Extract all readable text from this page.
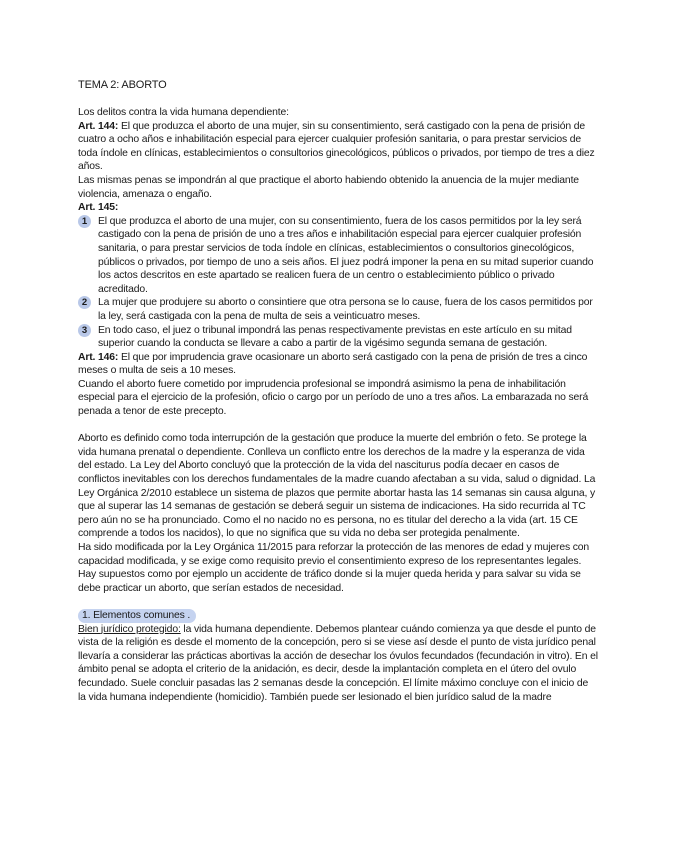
TEMA 2: ABORTO

Los delitos contra la vida humana dependiente:

Art. 144: El que produzca el aborto de una mujer, sin su consentimiento, será castigado con la pena de prisión de cuatro a ocho años e inhabilitación especial para ejercer cualquier profesión sanitaria, o para prestar servicios de toda índole en clínicas, establecimientos o consultorios ginecológicos, públicos o privados, por tiempo de tres a diez años.

Las mismas penas se impondrán al que practique el aborto habiendo obtenido la anuencia de la mujer mediante violencia, amenaza o engaño.

Art. 145:

1	El que produzca el aborto de una mujer, con su consentimiento, fuera de los casos permitidos por la ley será castigado con la pena de prisión de uno a tres años e inhabilitación especial para ejercer cualquier profesión sanitaria, o para prestar servicios de toda índole en clínicas, establecimientos o consultorios ginecológicos, públicos o privados, por tiempo de uno a seis años. El juez podrá imponer la pena en su mitad superior cuando los actos descritos en este apartado se realicen fuera de un centro o establecimiento público o privado acreditado.
2	La mujer que produjere su aborto o consintiere que otra persona se lo cause, fuera de los casos permitidos por la ley, será castigada con la pena de multa de seis a veinticuatro meses.
3	En todo caso, el juez o tribunal impondrá las penas respectivamente previstas en este artículo en su mitad superior cuando la conducta se llevare a cabo a partir de la vigésimo segunda semana de gestación.

Art. 146: El que por imprudencia grave ocasionare un aborto será castigado con la pena de prisión de tres a cinco meses o multa de seis a 10 meses.

Cuando el aborto fuere cometido por imprudencia profesional se impondrá asimismo la pena de inhabilitación especial para el ejercicio de la profesión, oficio o cargo por un período de uno a tres años. La embarazada no será penada a tenor de este precepto.

Aborto es definido como toda interrupción de la gestación que produce la muerte del embrión o feto. Se protege la vida humana prenatal o dependiente. Conlleva un conflicto entre los derechos de la madre y la esperanza de vida del estado. La Ley del Aborto concluyó que la protección de la vida del nasciturus podía decaer en casos de conflictos inevitables con los derechos fundamentales de la madre cuando afectaban a su vida, salud o dignidad. La Ley Orgánica 2/2010 establece un sistema de plazos que permite abortar hasta las 14 semanas sin causa alguna, y que al superar las 14 semanas de gestación se deberá seguir un sistema de indicaciones. Ha sido recurrida al TC pero aún no se ha pronunciado. Como el no nacido no es persona, no es titular del derecho a la vida (art. 15 CE comprende a todos los nacidos), lo que no significa que su vida no deba ser protegida penalmente.

Ha sido modificada por la Ley Orgánica 11/2015 para reforzar la protección de las menores de edad y mujeres con capacidad modificada, y se exige como requisito previo el consentimiento expreso de los representantes legales.

Hay supuestos como por ejemplo un accidente de tráfico donde si la mujer queda herida y para salvar su vida se debe practicar un aborto, que serían estados de necesidad.

1. Elementos comunes .

Bien jurídico protegido: la vida humana dependiente. Debemos plantear cuándo comienza ya que desde el punto de vista de la religión es desde el momento de la concepción, pero si se viese así desde el punto de vista jurídico penal llevaría a considerar las prácticas abortivas la acción de desechar los óvulos fecundados (fecundación in vitro). En el ámbito penal se adopta el criterio de la anidación, es decir, desde la implantación completa en el útero del ovulo fecundado. Suele concluir pasadas las 2 semanas desde la concepción. El límite máximo concluye con el inicio de la vida humana independiente (homicidio). También puede ser lesionado el bien jurídico salud de la madre
